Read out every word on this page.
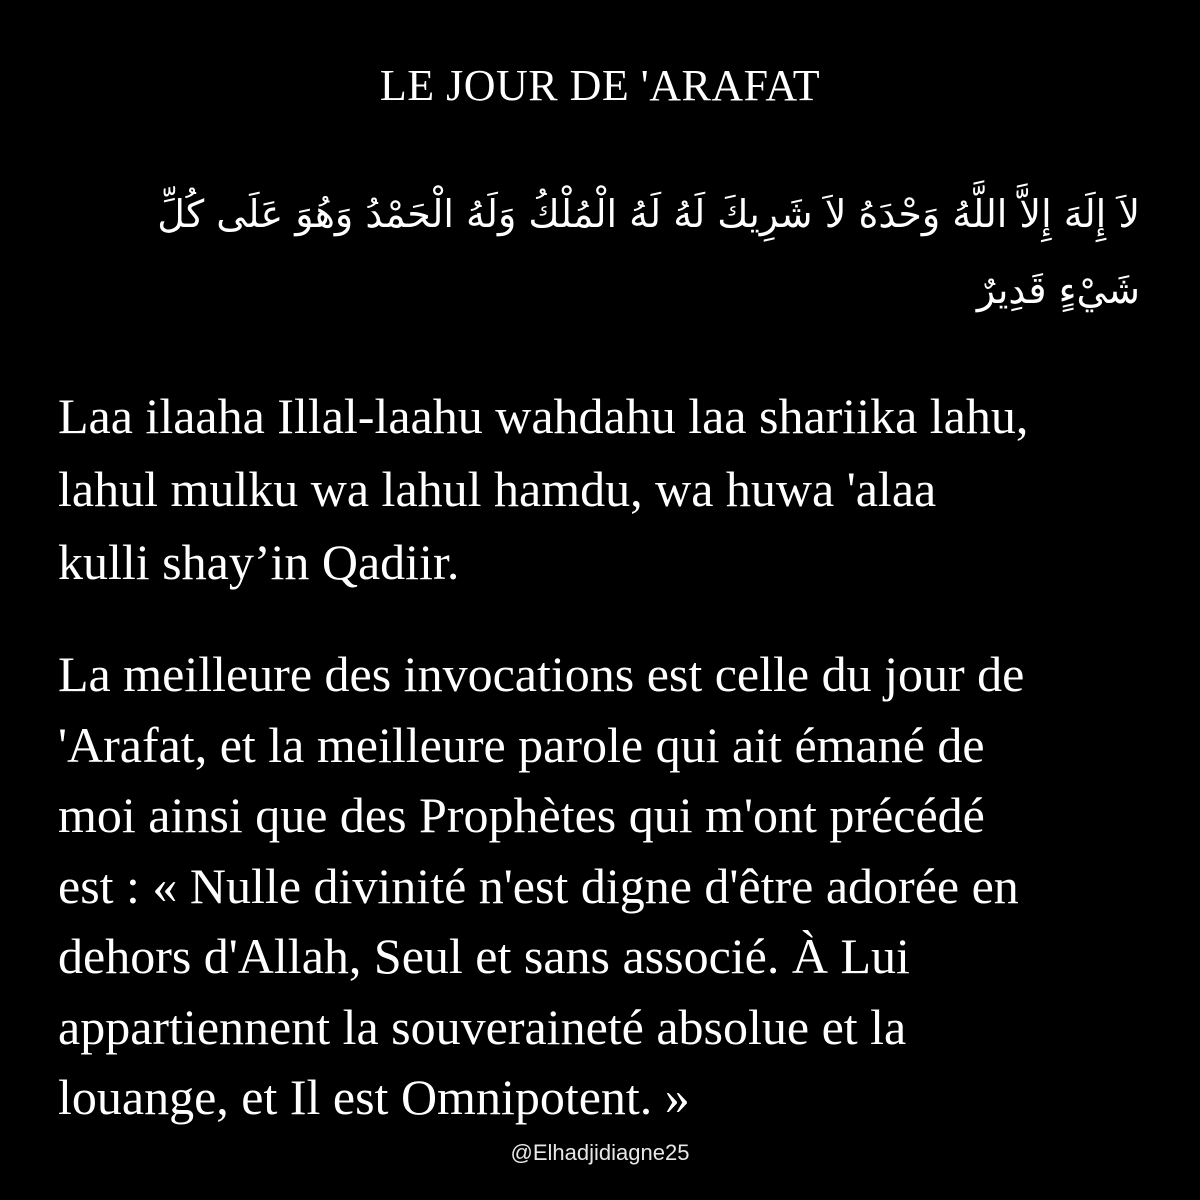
LE JOUR DE 'ARAFAT
لاَ إِلَهَ إِلاَّ اللَّهُ وَحْدَهُ لاَ شَرِيكَ لَهُ لَهُ الْمُلْكُ وَلَهُ الْحَمْدُ وَهُوَ عَلَى كُلِّ
شَيْءٍ قَدِيرٌ
Laa ilaaha Illal-laahu wahdahu laa shariika lahu,
lahul mulku wa lahul hamdu, wa huwa 'alaa
kulli shay’in Qadiir.
La meilleure des invocations est celle du jour de
'Arafat, et la meilleure parole qui ait émané de
moi ainsi que des Prophètes qui m'ont précédé
est : « Nulle divinité n'est digne d'être adorée en
dehors d'Allah, Seul et sans associé. À Lui
appartiennent la souveraineté absolue et la
louange, et Il est Omnipotent. »
@Elhadjidiagne25
